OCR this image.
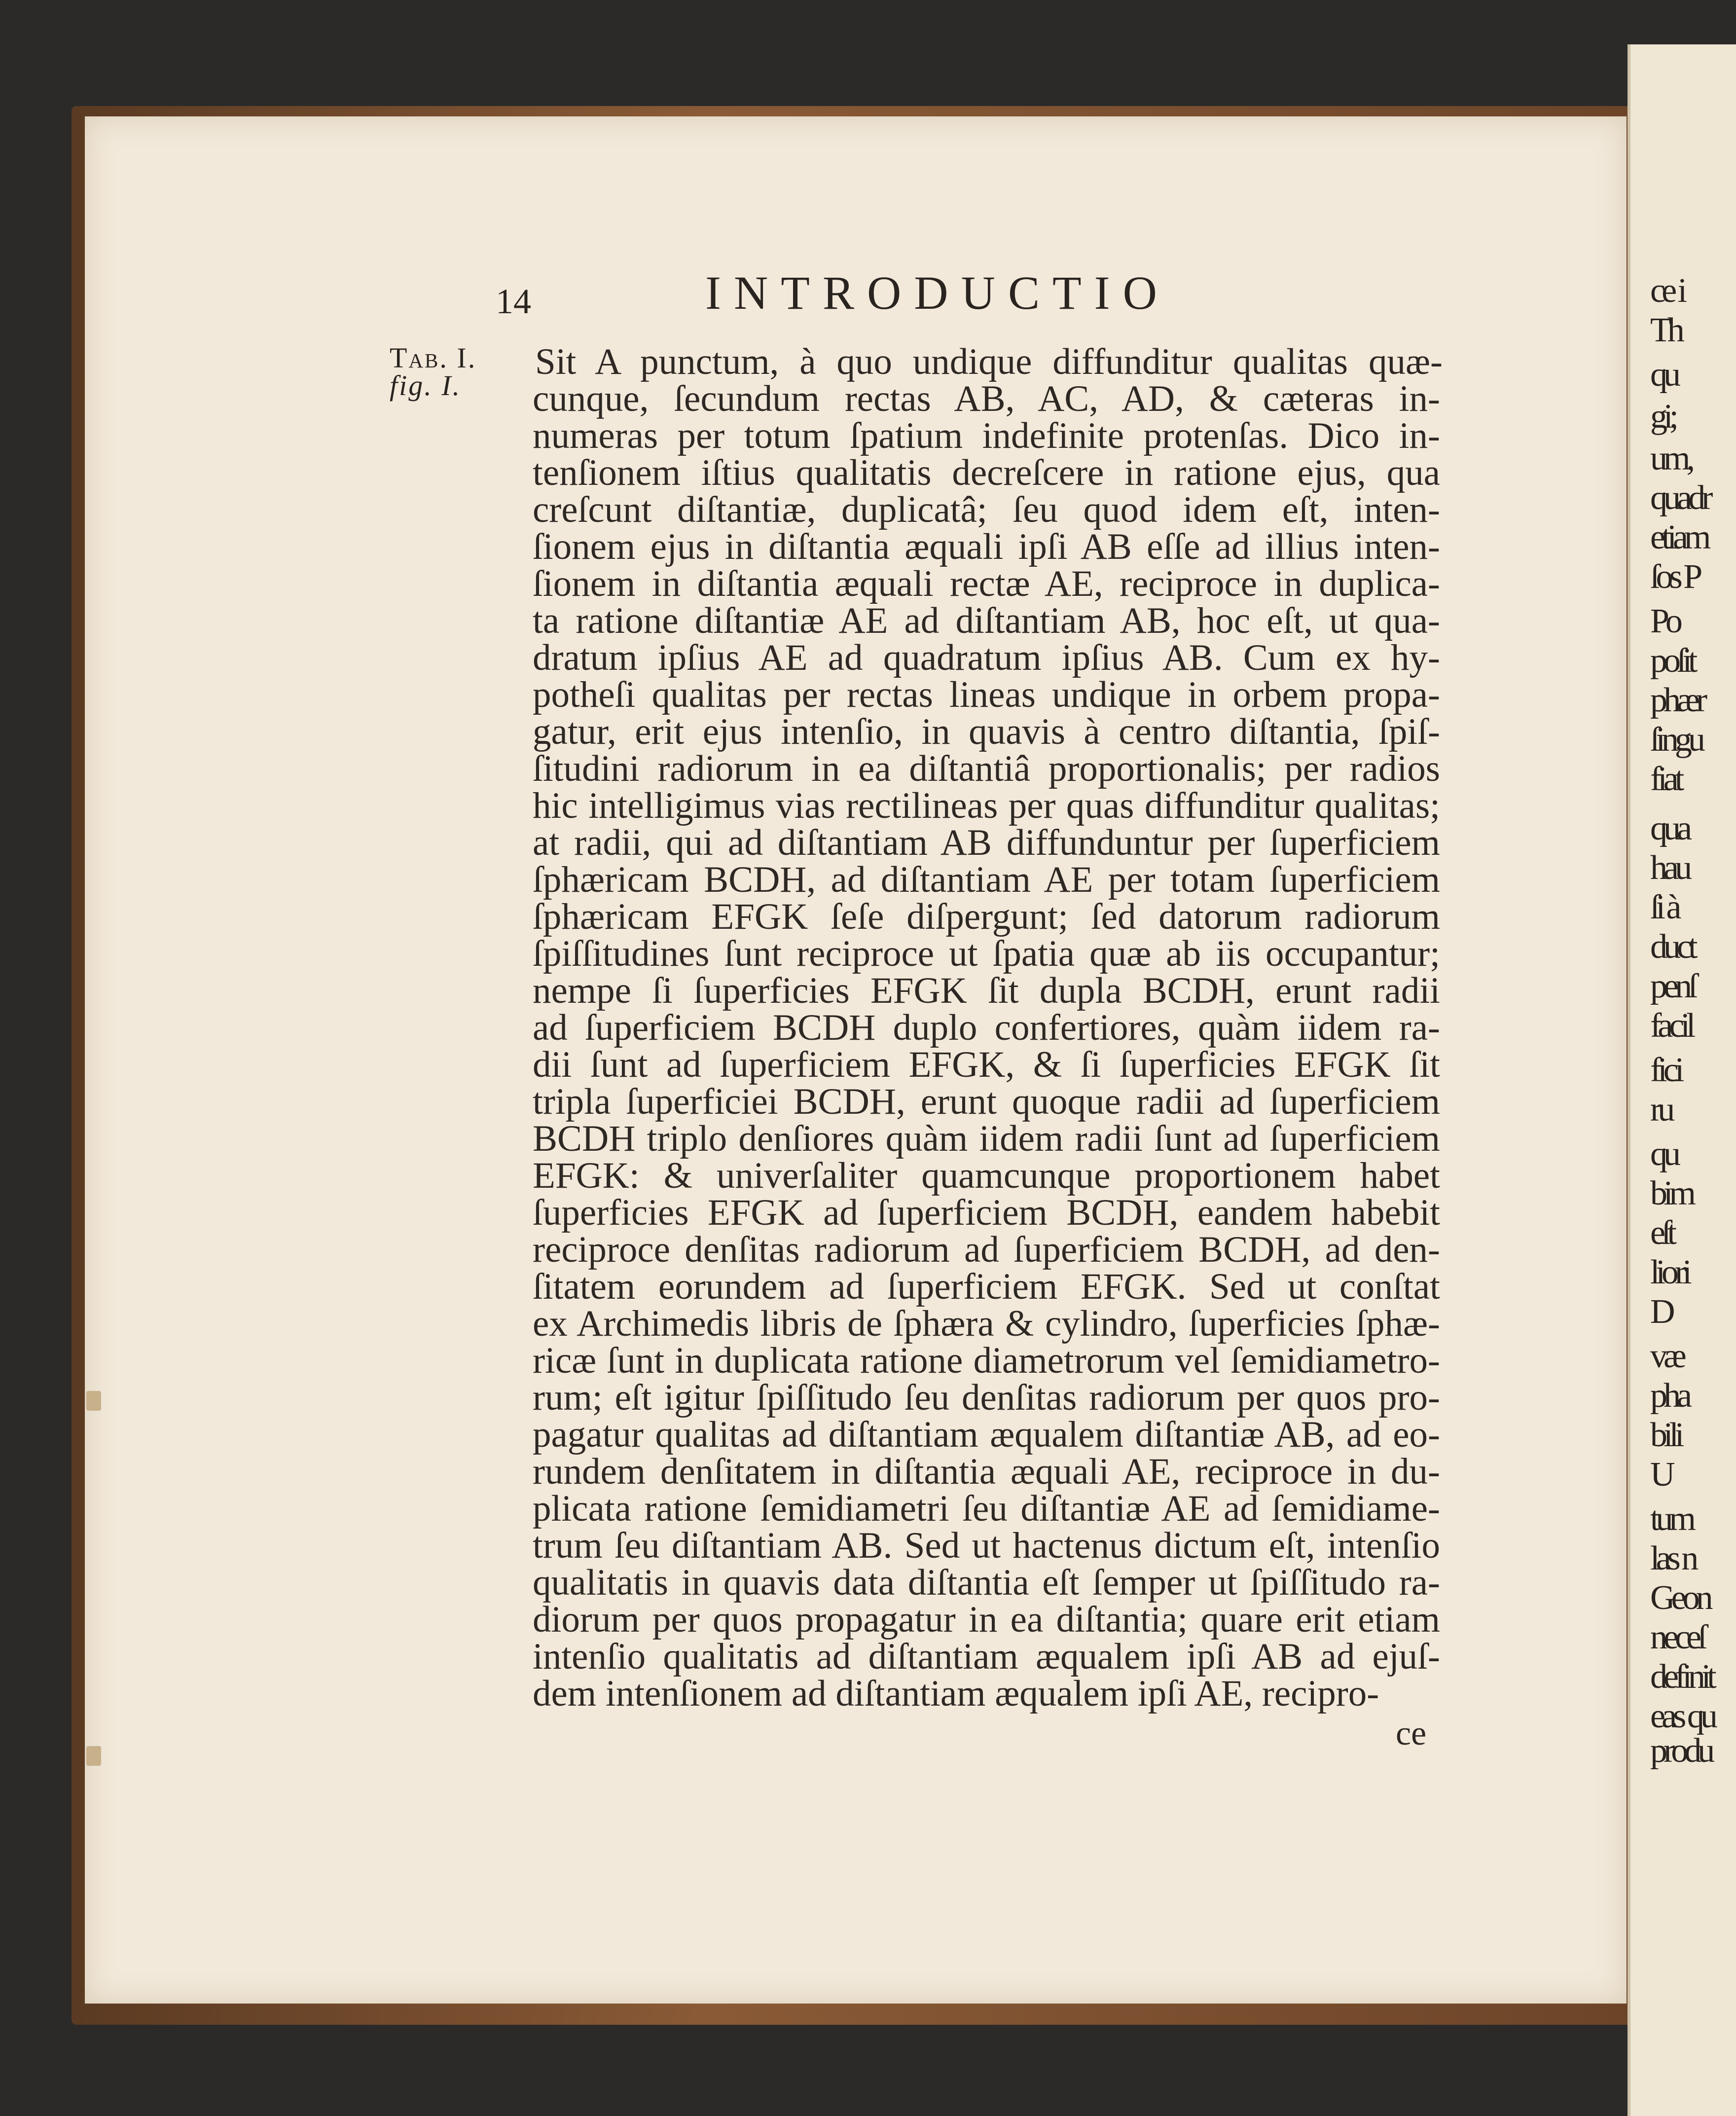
ce i
Th
qu
gi;
um,
quadr
etiam
ſos P
Po
poſit
phær
ſingu
fiat
qua
hau
ſi à
duct
penſ
facil
fici
ru
qu
bim
eſt
liori
D
væ
pha
bili
U
tum
las n
Geon
neceſ
definit
eas qu
produ
14	INTRODUCTIO
Tab. I.
fig. I.
Sit A punctum, à quo undique diffunditur qualitas quæ-
cunque, ſecundum rectas AB, AC, AD, & cæteras in-
numeras per totum ſpatium indefinite protenſas. Dico in-
tenſionem iſtius qualitatis decreſcere in ratione ejus, qua
creſcunt diſtantiæ, duplicatâ; ſeu quod idem eſt, inten-
ſionem ejus in diſtantia æquali ipſi AB eſſe ad illius inten-
ſionem in diſtantia æquali rectæ AE, reciproce in duplica-
ta ratione diſtantiæ AE ad diſtantiam AB, hoc eſt, ut qua-
dratum ipſius AE ad quadratum ipſius AB. Cum ex hy-
potheſi qualitas per rectas lineas undique in orbem propa-
gatur, erit ejus intenſio, in quavis à centro diſtantia, ſpiſ-
ſitudini radiorum in ea diſtantiâ proportionalis; per radios
hic intelligimus vias rectilineas per quas diffunditur qualitas;
at radii, qui ad diſtantiam AB diffunduntur per ſuperficiem
ſphæricam BCDH, ad diſtantiam AE per totam ſuperficiem
ſphæricam EFGK ſeſe diſpergunt; ſed datorum radiorum
ſpiſſitudines ſunt reciproce ut ſpatia quæ ab iis occupantur;
nempe ſi ſuperficies EFGK ſit dupla BCDH, erunt radii
ad ſuperficiem BCDH duplo confertiores, quàm iidem ra-
dii ſunt ad ſuperficiem EFGK, & ſi ſuperficies EFGK ſit
tripla ſuperficiei BCDH, erunt quoque radii ad ſuperficiem
BCDH triplo denſiores quàm iidem radii ſunt ad ſuperficiem
EFGK: & univerſaliter quamcunque proportionem habet
ſuperficies EFGK ad ſuperficiem BCDH, eandem habebit
reciproce denſitas radiorum ad ſuperficiem BCDH, ad den-
ſitatem eorundem ad ſuperficiem EFGK. Sed ut conſtat
ex Archimedis libris de ſphæra & cylindro, ſuperficies ſphæ-
ricæ ſunt in duplicata ratione diametrorum vel ſemidiametro-
rum; eſt igitur ſpiſſitudo ſeu denſitas radiorum per quos pro-
pagatur qualitas ad diſtantiam æqualem diſtantiæ AB, ad eo-
rundem denſitatem in diſtantia æquali AE, reciproce in du-
plicata ratione ſemidiametri ſeu diſtantiæ AE ad ſemidiame-
trum ſeu diſtantiam AB. Sed ut hactenus dictum eſt, intenſio
qualitatis in quavis data diſtantia eſt ſemper ut ſpiſſitudo ra-
diorum per quos propagatur in ea diſtantia; quare erit etiam
intenſio qualitatis ad diſtantiam æqualem ipſi AB ad ejuſ-
dem intenſionem ad diſtantiam æqualem ipſi AE, recipro-
ce
